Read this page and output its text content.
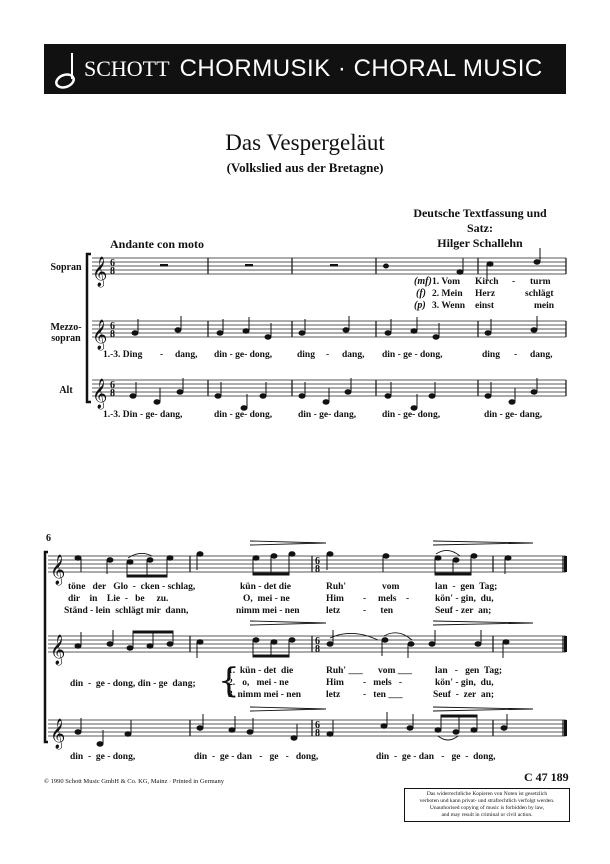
SCHOTT CHORMUSIK · CHORAL MUSIC
Das Vespergeläut
(Volkslied aus der Bretagne)
Deutsche Textfassung und Satz:
Hilger Schallehn
Andante con moto
Sopran
Mezzo-
sopran
Alt
𝄞
𝄞
𝄞
𝄞
𝄞
𝄞
6
8
6
8
6
8
6
8
6
8
6
8
(mf)
(f)
(p)
1. Vom Kirch - turm
2. Mein Herz	schlägt
3. Wenn einst	mein
1.-3. Ding - dang, din - ge- dong,	ding - dang, din - ge - dong,	ding - dang,
1.-3. Din - ge- dang,	din - ge- dong,	din - ge- dang,	din - ge- dong,	din - ge- dang,
6
töne   der   Glo  -  cken - schlag,
dir    in    Lie  -   be     zu.
Ständ - lein  schlägt mir  dann,
kün - det die
O,  mei - ne
nimm mei - nen
Ruh'
Him
letz
vom
-     mels    -
-      ten
lan  -  gen  Tag;
kön' - gin,  du,
Seuf - zer  an;
din  -  ge - dong, din - ge  dang; {
1.  kün - det  die	Ruh' ___ vom ___ lan   -   gen  Tag;
2.   o,   mei - ne	Him -   mels   -	kön' - gin,  du,
3. nimm mei - nen	letz -   ten ___	Seuf  -  zer  an;
din  -  ge - dong,	din  -  ge - dan   -   ge   -   dong,	din  -  ge - dan   -   ge  -  dong,
© 1990 Schott Music GmbH & Co. KG, Mainz · Printed in Germany	C 47 189
Das widerrechtliche Kopieren von Noten ist gesetzlich
verboten und kann privat- und strafrechtlich verfolgt werden.
Unauthorised copying of music is forbidden by law,
and may result in criminal or civil action.
